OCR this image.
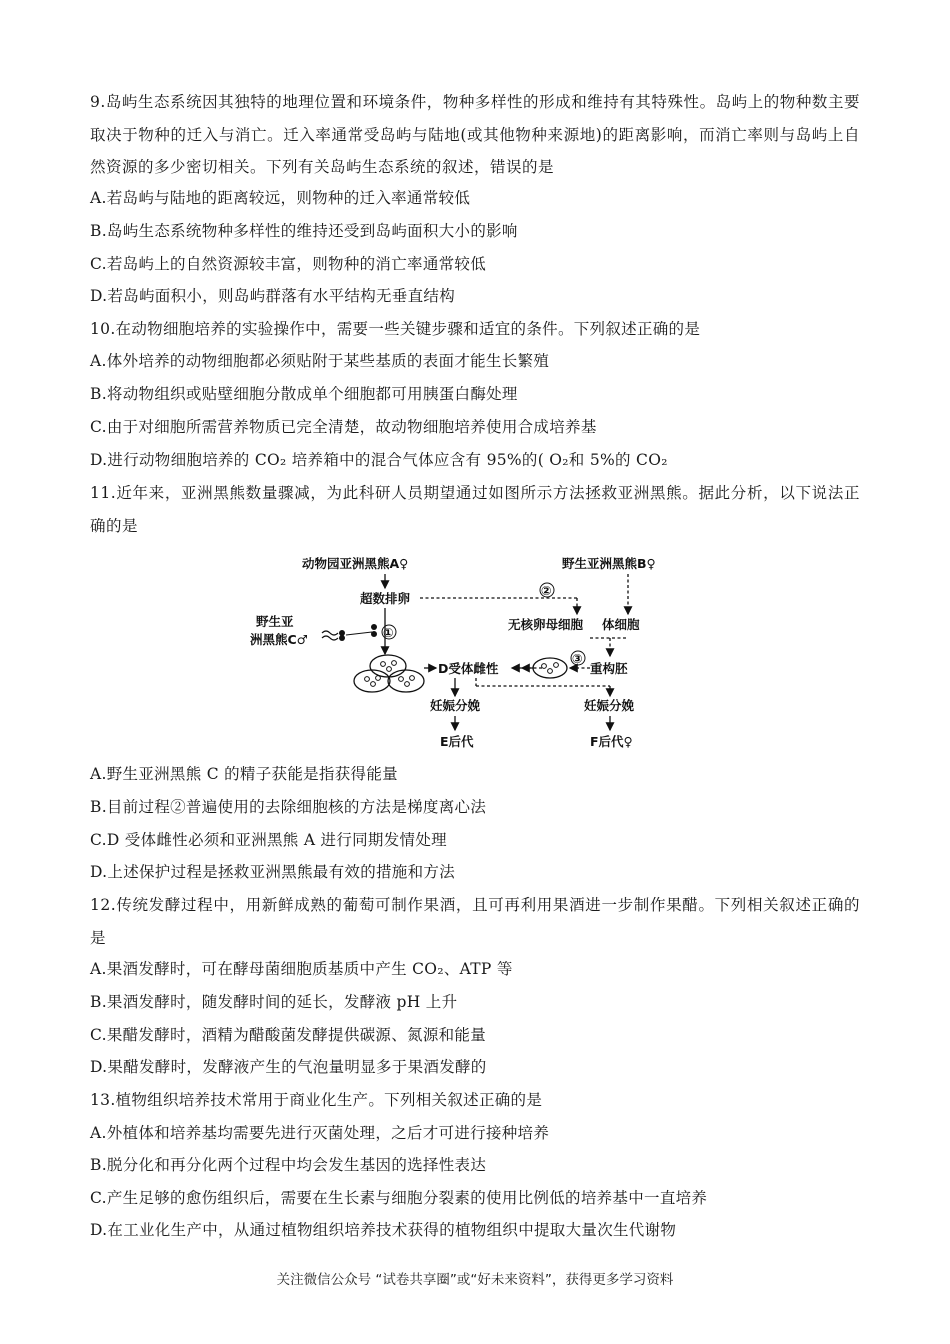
9.岛屿生态系统因其独特的地理位置和环境条件，物种多样性的形成和维持有其特殊性。岛屿上的物种数主要取决于物种的迁入与消亡。迁入率通常受岛屿与陆地(或其他物种来源地)的距离影响，而消亡率则与岛屿上自然资源的多少密切相关。下列有关岛屿生态系统的叙述，错误的是
A.若岛屿与陆地的距离较远，则物种的迁入率通常较低
B.岛屿生态系统物种多样性的维持还受到岛屿面积大小的影响
C.若岛屿上的自然资源较丰富，则物种的消亡率通常较低
D.若岛屿面积小，则岛屿群落有水平结构无垂直结构
10.在动物细胞培养的实验操作中，需要一些关键步骤和适宜的条件。下列叙述正确的是
A.体外培养的动物细胞都必须贴附于某些基质的表面才能生长繁殖
B.将动物组织或贴壁细胞分散成单个细胞都可用胰蛋白酶处理
C.由于对细胞所需营养物质已完全清楚，故动物细胞培养使用合成培养基
D.进行动物细胞培养的 CO₂ 培养箱中的混合气体应含有 95%的( O₂和 5%的 CO₂
11.近年来，亚洲黑熊数量骤减，为此科研人员期望通过如图所示方法拯救亚洲黑熊。据此分析，以下说法正确的是
动物园亚洲黑熊A♀	野生亚洲黑熊B♀
超数排卵
②
无核卵母细胞 体细胞
野生亚
洲黑熊C♂	①
D受体雌性
③
重构胚
妊娠分娩	妊娠分娩
E后代	F后代♀
A.野生亚洲黑熊 C 的精子获能是指获得能量
B.目前过程②普遍使用的去除细胞核的方法是梯度离心法
C.D 受体雌性必须和亚洲黑熊 A 进行同期发情处理
D.上述保护过程是拯救亚洲黑熊最有效的措施和方法
12.传统发酵过程中，用新鲜成熟的葡萄可制作果酒，且可再利用果酒进一步制作果醋。下列相关叙述正确的是
A.果酒发酵时，可在酵母菌细胞质基质中产生 CO₂、ATP 等
B.果酒发酵时，随发酵时间的延长，发酵液 pH 上升
C.果醋发酵时，酒精为醋酸菌发酵提供碳源、氮源和能量
D.果醋发酵时，发酵液产生的气泡量明显多于果酒发酵的
13.植物组织培养技术常用于商业化生产。下列相关叙述正确的是
A.外植体和培养基均需要先进行灭菌处理，之后才可进行接种培养
B.脱分化和再分化两个过程中均会发生基因的选择性表达
C.产生足够的愈伤组织后，需要在生长素与细胞分裂素的使用比例低的培养基中一直培养
D.在工业化生产中，从通过植物组织培养技术获得的植物组织中提取大量次生代谢物
关注微信公众号 “试卷共享圈”或“好未来资料”，获得更多学习资料
